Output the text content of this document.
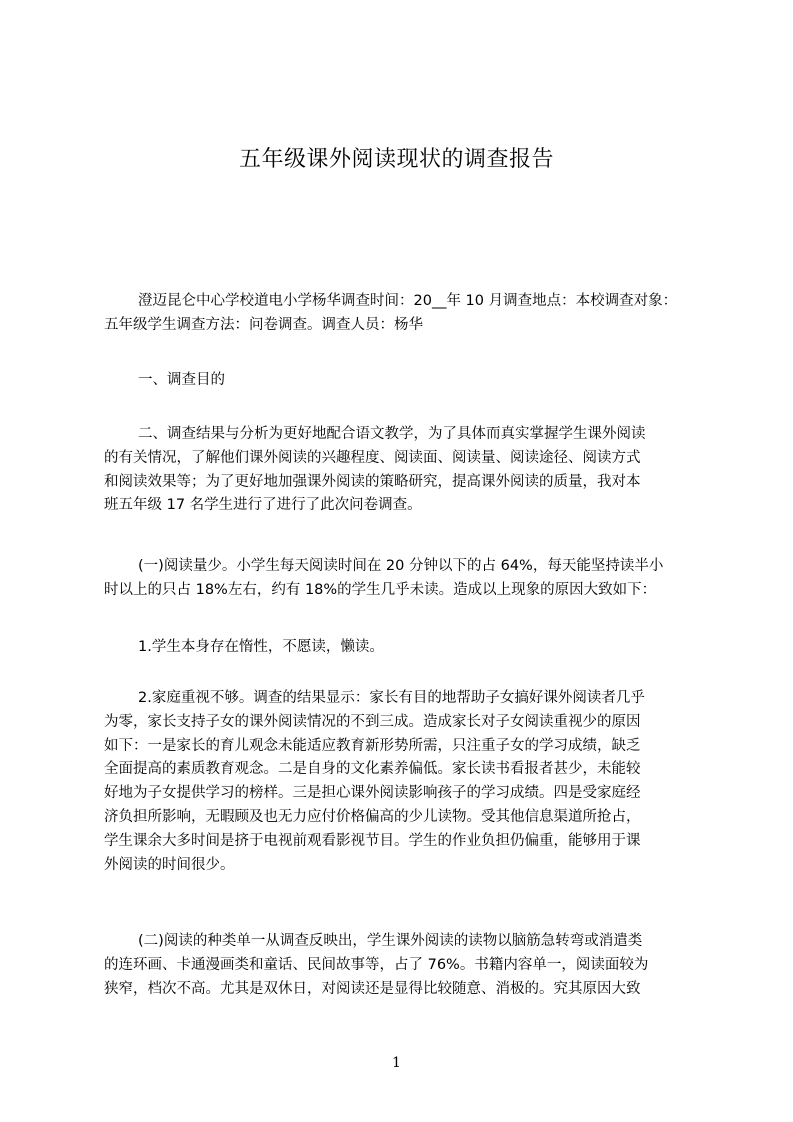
五年级课外阅读现状的调查报告
澄迈昆仑中心学校道电小学杨华调查时间：20__年 10 月调查地点：本校调查对象：
五年级学生调查方法：问卷调查。调查人员：杨华
一、调查目的
二、调查结果与分析为更好地配合语文教学，为了具体而真实掌握学生课外阅读
的有关情况，了解他们课外阅读的兴趣程度、阅读面、阅读量、阅读途径、阅读方式
和阅读效果等；为了更好地加强课外阅读的策略研究，提高课外阅读的质量，我对本
班五年级 17 名学生进行了进行了此次问卷调查。
(一)阅读量少。小学生每天阅读时间在 20 分钟以下的占 64%，每天能坚持读半小
时以上的只占 18%左右，约有 18%的学生几乎未读。造成以上现象的原因大致如下：
1.学生本身存在惰性，不愿读，懒读。
2.家庭重视不够。调查的结果显示：家长有目的地帮助子女搞好课外阅读者几乎
为零，家长支持子女的课外阅读情况的不到三成。造成家长对子女阅读重视少的原因
如下：一是家长的育儿观念未能适应教育新形势所需，只注重子女的学习成绩，缺乏
全面提高的素质教育观念。二是自身的文化素养偏低。家长读书看报者甚少，未能较
好地为子女提供学习的榜样。三是担心课外阅读影响孩子的学习成绩。四是受家庭经
济负担所影响，无暇顾及也无力应付价格偏高的少儿读物。受其他信息渠道所抢占，
学生课余大多时间是挤于电视前观看影视节目。学生的作业负担仍偏重，能够用于课
外阅读的时间很少。
(二)阅读的种类单一从调查反映出，学生课外阅读的读物以脑筋急转弯或消遣类
的连环画、卡通漫画类和童话、民间故事等，占了 76%。书籍内容单一，阅读面较为
狭窄，档次不高。尤其是双休日，对阅读还是显得比较随意、消极的。究其原因大致
1
